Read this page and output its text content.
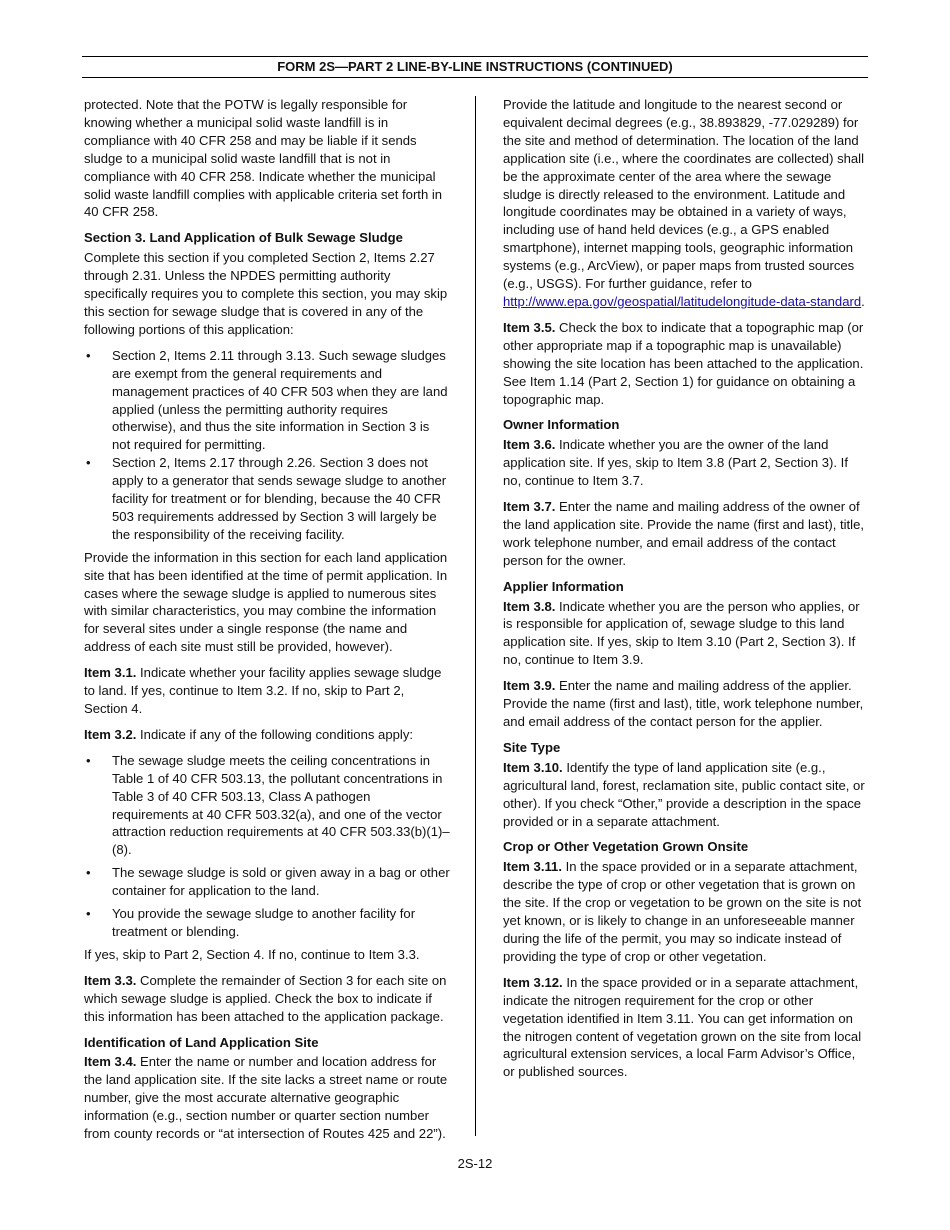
FORM 2S—PART 2 LINE-BY-LINE INSTRUCTIONS (CONTINUED)

protected. Note that the POTW is legally responsible for knowing whether a municipal solid waste landfill is in compliance with 40 CFR 258 and may be liable if it sends sludge to a municipal solid waste landfill that is not in compliance with 40 CFR 258. Indicate whether the municipal solid waste landfill complies with applicable criteria set forth in 40 CFR 258.

Section 3. Land Application of Bulk Sewage Sludge

Complete this section if you completed Section 2, Items 2.27 through 2.31. Unless the NPDES permitting authority specifically requires you to complete this section, you may skip this section for sewage sludge that is covered in any of the following portions of this application:

• Section 2, Items 2.11 through 3.13. Such sewage sludges are exempt from the general requirements and management practices of 40 CFR 503 when they are land applied (unless the permitting authority requires otherwise), and thus the site information in Section 3 is not required for permitting.
• Section 2, Items 2.17 through 2.26. Section 3 does not apply to a generator that sends sewage sludge to another facility for treatment or for blending, because the 40 CFR 503 requirements addressed by Section 3 will largely be the responsibility of the receiving facility.

Provide the information in this section for each land application site that has been identified at the time of permit application. In cases where the sewage sludge is applied to numerous sites with similar characteristics, you may combine the information for several sites under a single response (the name and address of each site must still be provided, however).

Item 3.1. Indicate whether your facility applies sewage sludge to land. If yes, continue to Item 3.2. If no, skip to Part 2, Section 4.

Item 3.2. Indicate if any of the following conditions apply:

• The sewage sludge meets the ceiling concentrations in Table 1 of 40 CFR 503.13, the pollutant concentrations in Table 3 of 40 CFR 503.13, Class A pathogen requirements at 40 CFR 503.32(a), and one of the vector attraction reduction requirements at 40 CFR 503.33(b)(1)–(8).
• The sewage sludge is sold or given away in a bag or other container for application to the land.
• You provide the sewage sludge to another facility for treatment or blending.

If yes, skip to Part 2, Section 4. If no, continue to Item 3.3.

Item 3.3. Complete the remainder of Section 3 for each site on which sewage sludge is applied. Check the box to indicate if this information has been attached to the application package.

Identification of Land Application Site

Item 3.4. Enter the name or number and location address for the land application site. If the site lacks a street name or route number, give the most accurate alternative geographic information (e.g., section number or quarter section number from county records or “at intersection of Routes 425 and 22”).

Provide the latitude and longitude to the nearest second or equivalent decimal degrees (e.g., 38.893829, -77.029289) for the site and method of determination. The location of the land application site (i.e., where the coordinates are collected) shall be the approximate center of the area where the sewage sludge is directly released to the environment. Latitude and longitude coordinates may be obtained in a variety of ways, including use of hand held devices (e.g., a GPS enabled smartphone), internet mapping tools, geographic information systems (e.g., ArcView), or paper maps from trusted sources (e.g., USGS). For further guidance, refer to http://www.epa.gov/geospatial/latitudelongitude-data-standard.

Item 3.5. Check the box to indicate that a topographic map (or other appropriate map if a topographic map is unavailable) showing the site location has been attached to the application. See Item 1.14 (Part 2, Section 1) for guidance on obtaining a topographic map.

Owner Information

Item 3.6. Indicate whether you are the owner of the land application site. If yes, skip to Item 3.8 (Part 2, Section 3). If no, continue to Item 3.7.

Item 3.7. Enter the name and mailing address of the owner of the land application site. Provide the name (first and last), title, work telephone number, and email address of the contact person for the owner.

Applier Information

Item 3.8. Indicate whether you are the person who applies, or is responsible for application of, sewage sludge to this land application site. If yes, skip to Item 3.10 (Part 2, Section 3). If no, continue to Item 3.9.

Item 3.9. Enter the name and mailing address of the applier. Provide the name (first and last), title, work telephone number, and email address of the contact person for the applier.

Site Type

Item 3.10. Identify the type of land application site (e.g., agricultural land, forest, reclamation site, public contact site, or other). If you check “Other,” provide a description in the space provided or in a separate attachment.

Crop or Other Vegetation Grown Onsite

Item 3.11. In the space provided or in a separate attachment, describe the type of crop or other vegetation that is grown on the site. If the crop or vegetation to be grown on the site is not yet known, or is likely to change in an unforeseeable manner during the life of the permit, you may so indicate instead of providing the type of crop or other vegetation.

Item 3.12. In the space provided or in a separate attachment, indicate the nitrogen requirement for the crop or other vegetation identified in Item 3.11. You can get information on the nitrogen content of vegetation grown on the site from local agricultural extension services, a local Farm Advisor’s Office, or published sources.

2S-12
